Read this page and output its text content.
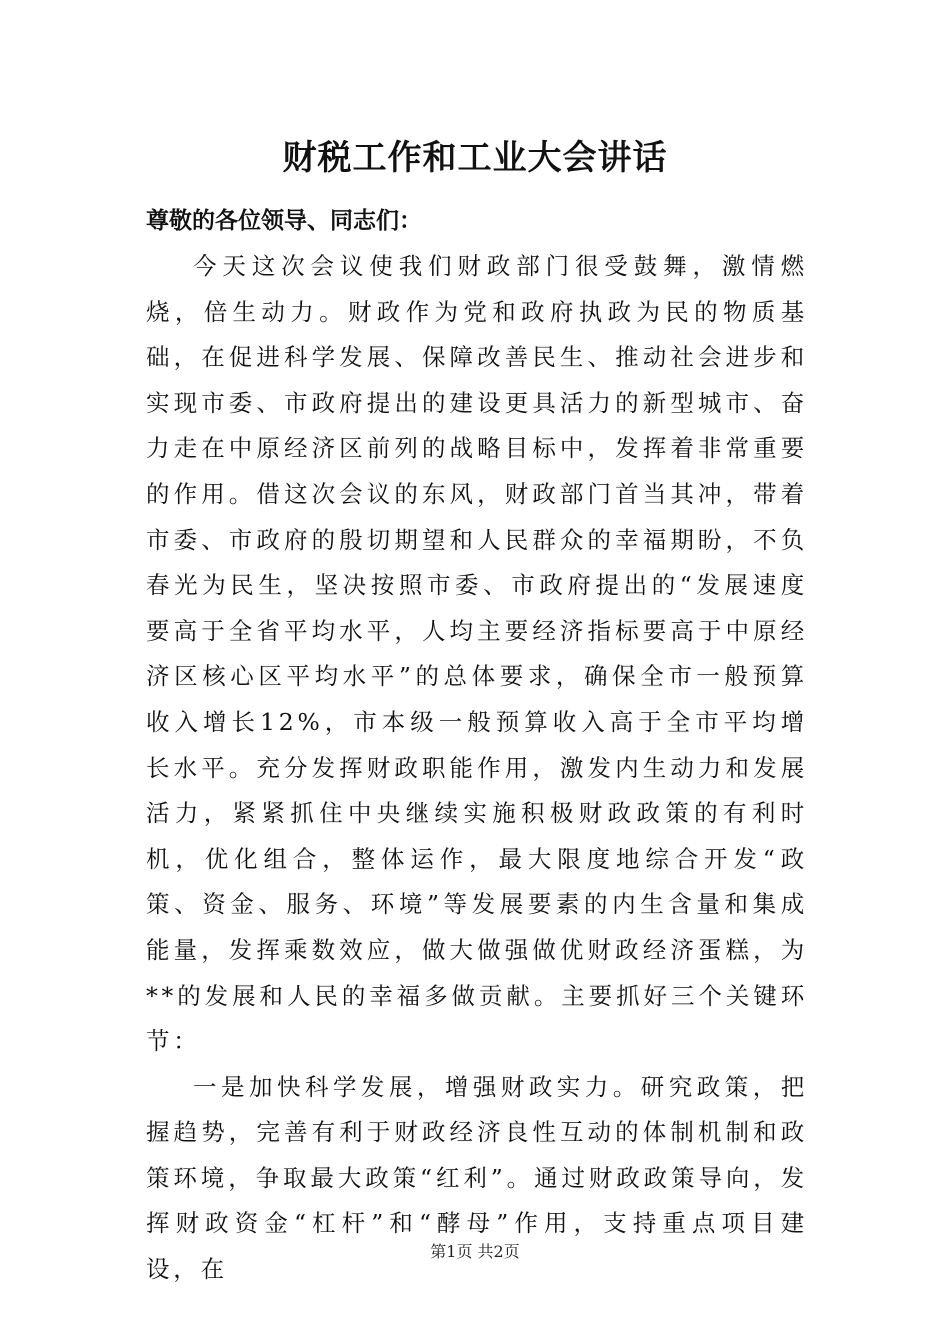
财税工作和工业大会讲话
尊敬的各位领导、同志们：

今天这次会议使我们财政部门很受鼓舞，激情燃烧，倍生动力。财政作为党和政府执政为民的物质基础，在促进科学发展、保障改善民生、推动社会进步和实现市委、市政府提出的建设更具活力的新型城市、奋力走在中原经济区前列的战略目标中，发挥着非常重要的作用。借这次会议的东风，财政部门首当其冲，带着市委、市政府的殷切期望和人民群众的幸福期盼，不负春光为民生，坚决按照市委、市政府提出的“发展速度要高于全省平均水平，人均主要经济指标要高于中原经济区核心区平均水平”的总体要求，确保全市一般预算收入增长12%，市本级一般预算收入高于全市平均增长水平。充分发挥财政职能作用，激发内生动力和发展活力，紧紧抓住中央继续实施积极财政政策的有利时机，优化组合，整体运作，最大限度地综合开发“政策、资金、服务、环境”等发展要素的内生含量和集成能量，发挥乘数效应，做大做强做优财政经济蛋糕，为**的发展和人民的幸福多做贡献。主要抓好三个关键环节：

一是加快科学发展，增强财政实力。研究政策，把握趋势，完善有利于财政经济良性互动的体制机制和政策环境，争取最大政策“红利”。通过财政政策导向，发挥财政资金“杠杆”和“酵母”作用，支持重点项目建设，在

第1页 共2页
